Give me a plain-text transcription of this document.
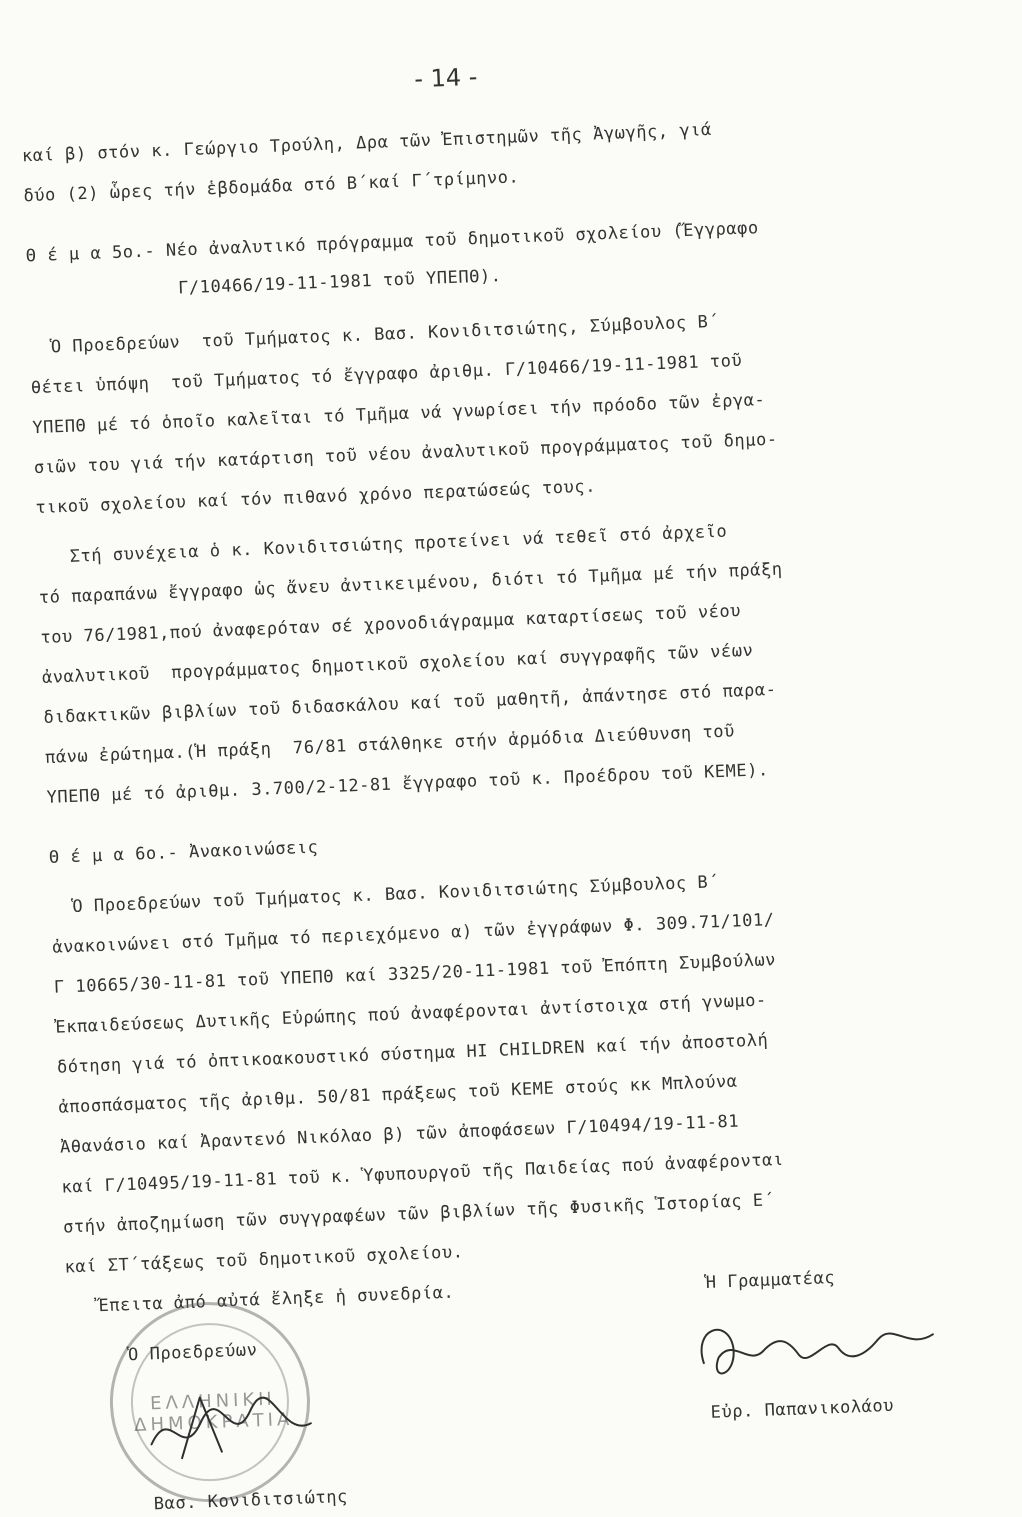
- 14 -
καί β) στόν κ. Γεώργιο Τρούλη, Δρα τῶν Ἐπιστημῶν τῆς Ἀγωγῆς, γιά
δύο (2) ὧρες τήν ἑβδομάδα στό Β΄καί Γ΄τρίμηνο.
Θ έ μ α 5ο.- Νέο ἀναλυτικό πρόγραμμα τοῦ δημοτικοῦ σχολείου (Ἔγγραφο
Γ/10466/19-11-1981 τοῦ ΥΠΕΠΘ).
Ὁ Προεδρεύων  τοῦ Τμήματος κ. Βασ. Κονιδιτσιώτης, Σύμβουλος Β΄
θέτει ὑπόψη  τοῦ Τμήματος τό ἔγγραφο ἀριθμ. Γ/10466/19-11-1981 τοῦ
ΥΠΕΠΘ μέ τό ὁποῖο καλεῖται τό Τμῆμα νά γνωρίσει τήν πρόοδο τῶν ἐργα-
σιῶν του γιά τήν κατάρτιση τοῦ νέου ἀναλυτικοῦ προγράμματος τοῦ δημο-
τικοῦ σχολείου καί τόν πιθανό χρόνο περατώσεώς τους.
Στή συνέχεια ὁ κ. Κονιδιτσιώτης προτείνει νά τεθεῖ στό ἀρχεῖο
τό παραπάνω ἔγγραφο ὡς ἄνευ ἀντικειμένου, διότι τό Τμῆμα μέ τήν πράξη
του 76/1981,πού ἀναφερόταν σέ χρονοδιάγραμμα καταρτίσεως τοῦ νέου
ἀναλυτικοῦ  προγράμματος δημοτικοῦ σχολείου καί συγγραφῆς τῶν νέων
διδακτικῶν βιβλίων τοῦ διδασκάλου καί τοῦ μαθητῆ, ἀπάντησε στό παρα-
πάνω ἐρώτημα.(Ἡ πράξη  76/81 στάλθηκε στήν ἁρμόδια Διεύθυνση τοῦ
ΥΠΕΠΘ μέ τό ἀριθμ. 3.700/2-12-81 ἔγγραφο τοῦ κ. Προέδρου τοῦ ΚΕΜΕ).
Θ έ μ α 6ο.- Ἀνακοινώσεις
Ὁ Προεδρεύων τοῦ Τμήματος κ. Βασ. Κονιδιτσιώτης Σύμβουλος Β΄
ἀνακοινώνει στό Τμῆμα τό περιεχόμενο α) τῶν ἐγγράφων Φ. 309.71/101/
Γ 10665/30-11-81 τοῦ ΥΠΕΠΘ καί 3325/20-11-1981 τοῦ Ἐπόπτη Συμβούλων
Ἐκπαιδεύσεως Δυτικῆς Εὐρώπης πού ἀναφέρονται ἀντίστοιχα στή γνωμο-
δότηση γιά τό ὀπτικοακουστικό σύστημα HI CHILDREN καί τήν ἀποστολή
ἀποσπάσματος τῆς ἀριθμ. 50/81 πράξεως τοῦ ΚΕΜΕ στούς κκ Μπλούνα
Ἀθανάσιο καί Ἀραντενό Νικόλαο β) τῶν ἀποφάσεων Γ/10494/19-11-81
καί Γ/10495/19-11-81 τοῦ κ. Ὑφυπουργοῦ τῆς Παιδείας πού ἀναφέρονται
στήν ἀποζημίωση τῶν συγγραφέων τῶν βιβλίων τῆς Φυσικῆς Ἱστορίας Ε΄
καί ΣΤ΄τάξεως τοῦ δημοτικοῦ σχολείου.
Ἔπειτα ἀπό αὐτά ἔληξε ἡ συνεδρία.
ΕΛΛΗΝΙΚΗ ΔΗΜΟΚΡΑΤΙΑ
Ὁ Προεδρεύων
Βασ. Κονιδιτσιώτης
Ἡ Γραμματέας
Εὐρ. Παπανικολάου
